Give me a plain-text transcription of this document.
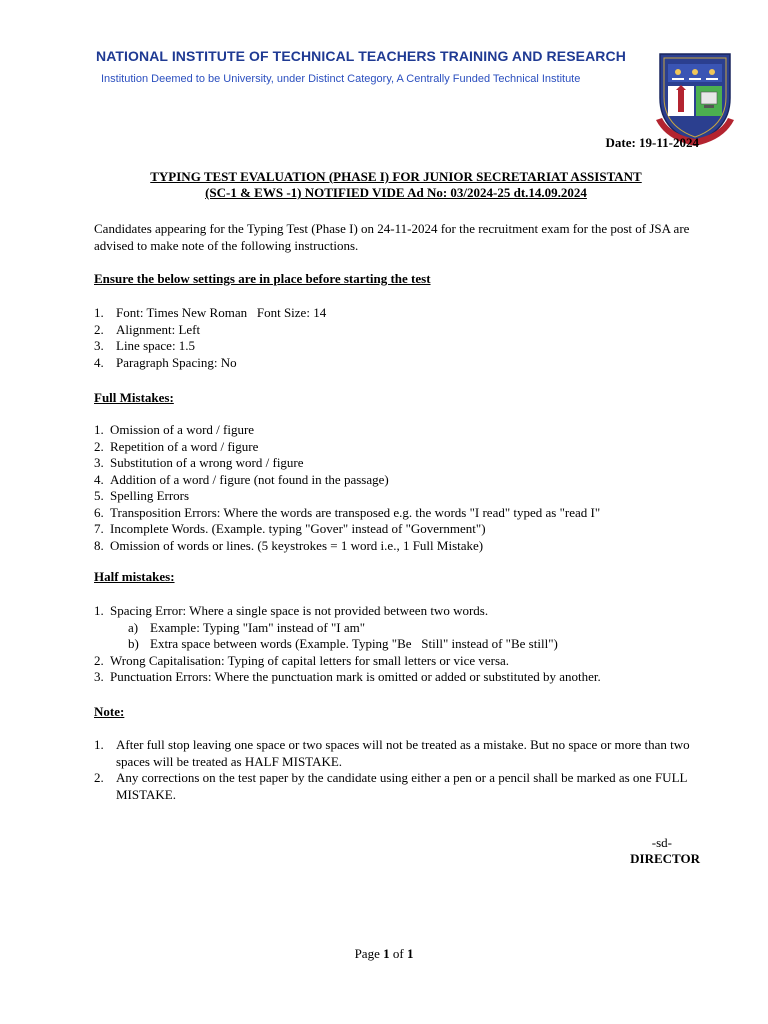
NATIONAL INSTITUTE OF TECHNICAL TEACHERS TRAINING AND RESEARCH
Institution Deemed to be University, under Distinct Category, A Centrally Funded Technical Institute
Date: 19-11-2024
TYPING TEST EVALUATION (PHASE I) FOR JUNIOR SECRETARIAT ASSISTANT
(SC-1 & EWS -1) NOTIFIED VIDE Ad No: 03/2024-25 dt.14.09.2024
Candidates appearing for the Typing Test (Phase I) on 24-11-2024 for the recruitment exam for the post of JSA are advised to make note of the following instructions.
Ensure the below settings are in place before starting the test
1. Font: Times New Roman   Font Size: 14
2. Alignment: Left
3. Line space: 1.5
4. Paragraph Spacing: No
Full Mistakes:
1. Omission of a word / figure
2. Repetition of a word / figure
3. Substitution of a wrong word / figure
4. Addition of a word / figure (not found in the passage)
5. Spelling Errors
6. Transposition Errors: Where the words are transposed e.g. the words "I read" typed as "read I"
7. Incomplete Words. (Example. typing "Gover" instead of "Government")
8. Omission of words or lines. (5 keystrokes = 1 word i.e., 1 Full Mistake)
Half mistakes:
1. Spacing Error: Where a single space is not provided between two words.
a) Example: Typing "Iam" instead of "I am"
b) Extra space between words (Example. Typing "Be   Still" instead of "Be still")
2. Wrong Capitalisation: Typing of capital letters for small letters or vice versa.
3. Punctuation Errors: Where the punctuation mark is omitted or added or substituted by another.
Note:
1. After full stop leaving one space or two spaces will not be treated as a mistake. But no space or more than two spaces will be treated as HALF MISTAKE.
2. Any corrections on the test paper by the candidate using either a pen or a pencil shall be marked as one FULL MISTAKE.
-sd-
DIRECTOR
Page 1 of 1
